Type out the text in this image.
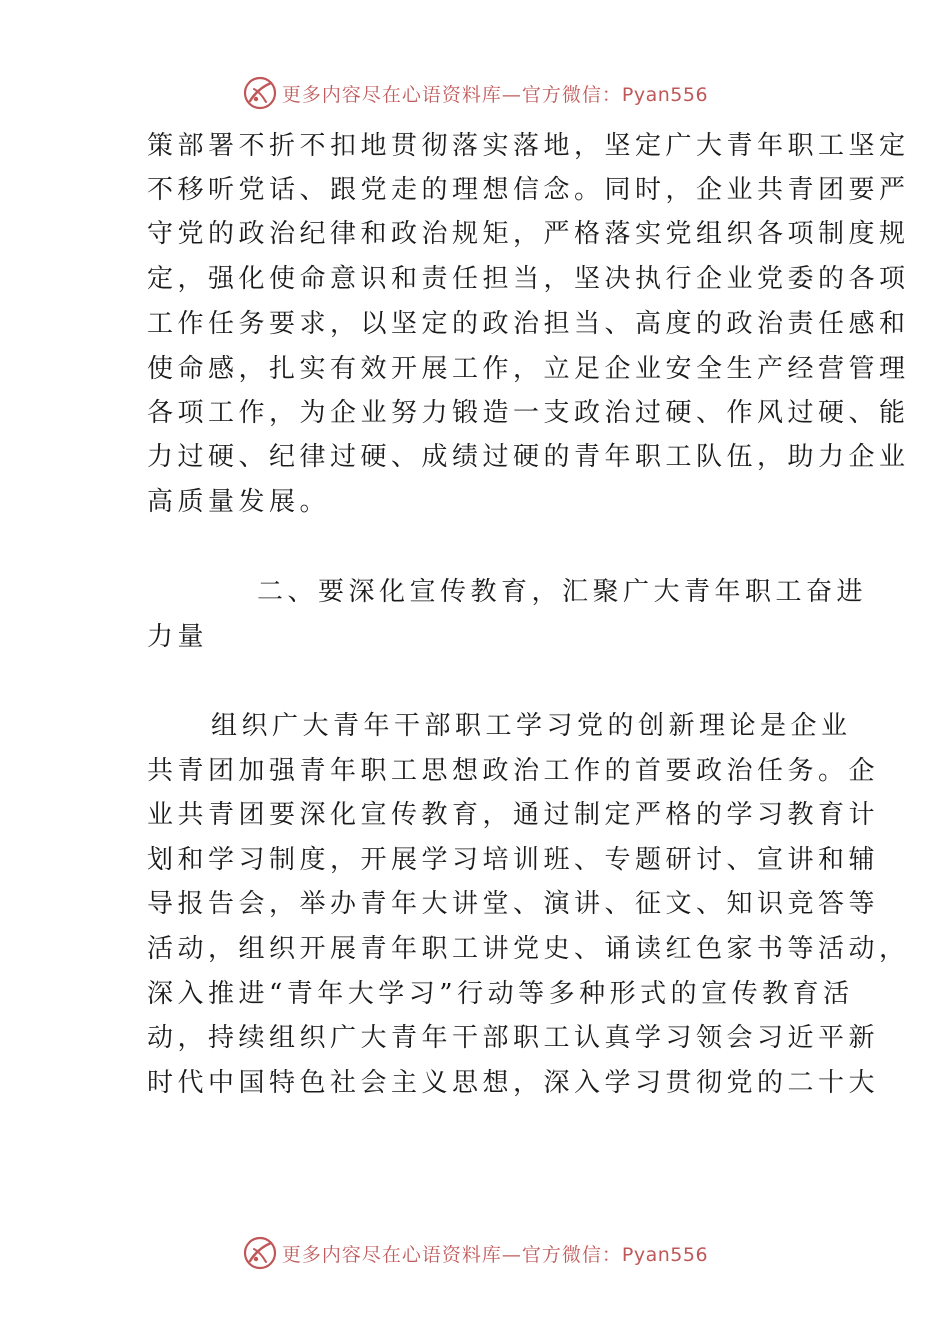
更多内容尽在心语资料库—官方微信：Pyan556
策部署不折不扣地贯彻落实落地，坚定广大青年职工坚定
不移听党话、跟党走的理想信念。同时，企业共青团要严
守党的政治纪律和政治规矩，严格落实党组织各项制度规
定，强化使命意识和责任担当，坚决执行企业党委的各项
工作任务要求，以坚定的政治担当、高度的政治责任感和
使命感，扎实有效开展工作，立足企业安全生产经营管理
各项工作，为企业努力锻造一支政治过硬、作风过硬、能
力过硬、纪律过硬、成绩过硬的青年职工队伍，助力企业
高质量发展。
二、要深化宣传教育，汇聚广大青年职工奋进
力量
组织广大青年干部职工学习党的创新理论是企业
共青团加强青年职工思想政治工作的首要政治任务。企
业共青团要深化宣传教育，通过制定严格的学习教育计
划和学习制度，开展学习培训班、专题研讨、宣讲和辅
导报告会，举办青年大讲堂、演讲、征文、知识竞答等
活动，组织开展青年职工讲党史、诵读红色家书等活动，
深入推进“青年大学习”行动等多种形式的宣传教育活
动，持续组织广大青年干部职工认真学习领会习近平新
时代中国特色社会主义思想，深入学习贯彻党的二十大
更多内容尽在心语资料库—官方微信：Pyan556
